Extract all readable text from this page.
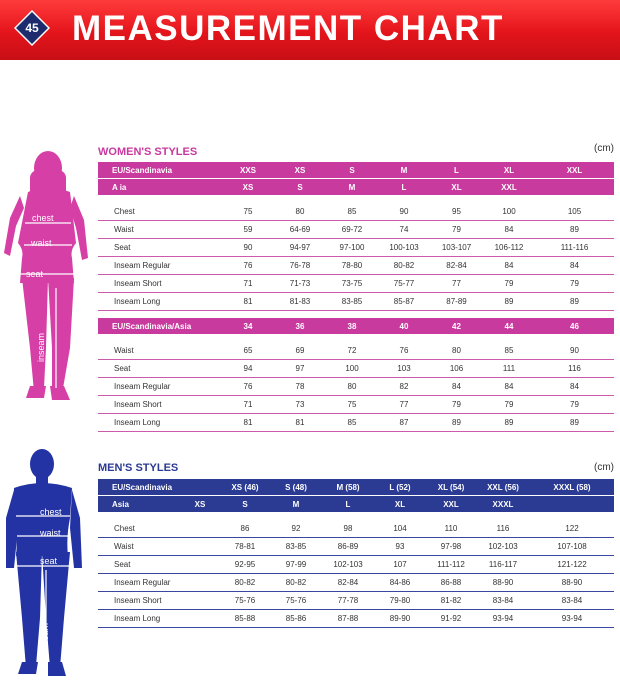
45 MEASUREMENT CHART
chest
waist
seat
inseam
chest
waist
seat
inseam
WOMEN'S STYLES	(cm)
EU/Scandinavia	XXS	XS	S	M	L	XL	XXL
A ia	XS	S	M	L	XL	XXL	

Chest	75	80	85	90	95	100	105
Waist	59	64-69	69-72	74	79	84	89
Seat	90	94-97	97-100	100-103	103-107	106-112	111-116
Inseam Regular	76	76-78	78-80	80-82	82-84	84	84
Inseam Short	71	71-73	73-75	75-77	77	79	79
Inseam Long	81	81-83	83-85	85-87	87-89	89	89
EU/Scandinavia/Asia	34	36	38	40	42	44	46

Waist	65	69	72	76	80	85	90
Seat	94	97	100	103	106	111	116
Inseam Regular	76	78	80	82	84	84	84
Inseam Short	71	73	75	77	79	79	79
Inseam Long	81	81	85	87	89	89	89
MEN'S STYLES	(cm)
EU/Scandinavia		XS (46)	S (48)	M (58)	L (52)	XL (54)	XXL (56)	XXXL (58)
Asia	XS	S	M	L	XL	XXL	XXXL	

Chest		86	92	98	104	110	116	122
Waist		78-81	83-85	86-89	93	97-98	102-103	107-108
Seat		92-95	97-99	102-103	107	111-112	116-117	121-122
Inseam Regular		80-82	80-82	82-84	84-86	86-88	88-90	88-90
Inseam Short		75-76	75-76	77-78	79-80	81-82	83-84	83-84
Inseam Long		85-88	85-86	87-88	89-90	91-92	93-94	93-94
